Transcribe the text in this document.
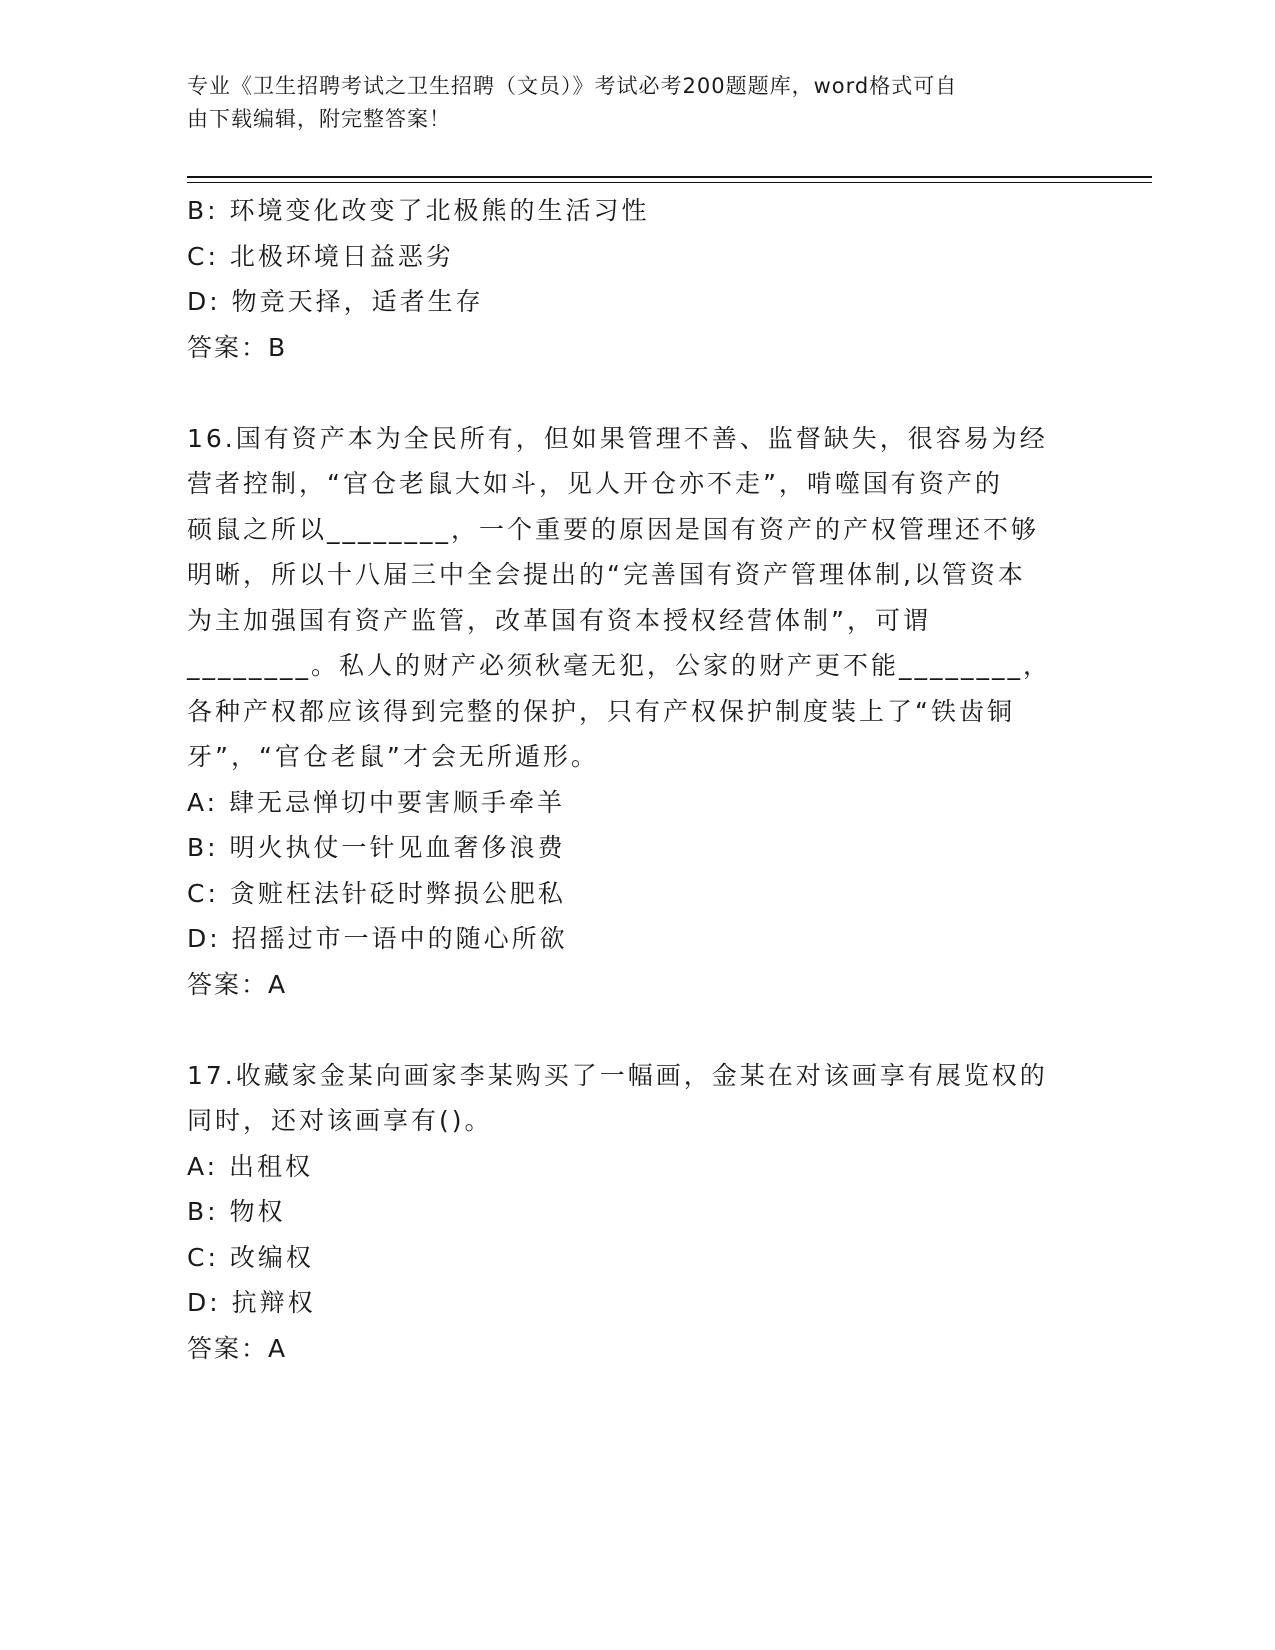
专业《卫生招聘考试之卫生招聘（文员）》考试必考200题题库，word格式可自
由下载编辑，附完整答案！
B: 环境变化改变了北极熊的生活习性
C: 北极环境日益恶劣
D: 物竞天择，适者生存
答案：B
16.国有资产本为全民所有，但如果管理不善、监督缺失，很容易为经
营者控制，“官仓老鼠大如斗，见人开仓亦不走”，啃噬国有资产的
硕鼠之所以________，一个重要的原因是国有资产的产权管理还不够
明晰，所以十八届三中全会提出的“完善国有资产管理体制,以管资本
为主加强国有资产监管，改革国有资本授权经营体制”，可谓
________。私人的财产必须秋毫无犯，公家的财产更不能________，
各种产权都应该得到完整的保护，只有产权保护制度装上了“铁齿铜
牙”，“官仓老鼠”才会无所遁形。
A: 肆无忌惮切中要害顺手牵羊
B: 明火执仗一针见血奢侈浪费
C: 贪赃枉法针砭时弊损公肥私
D: 招摇过市一语中的随心所欲
答案：A
17.收藏家金某向画家李某购买了一幅画，金某在对该画享有展览权的
同时，还对该画享有()。
A: 出租权
B: 物权
C: 改编权
D: 抗辩权
答案：A
